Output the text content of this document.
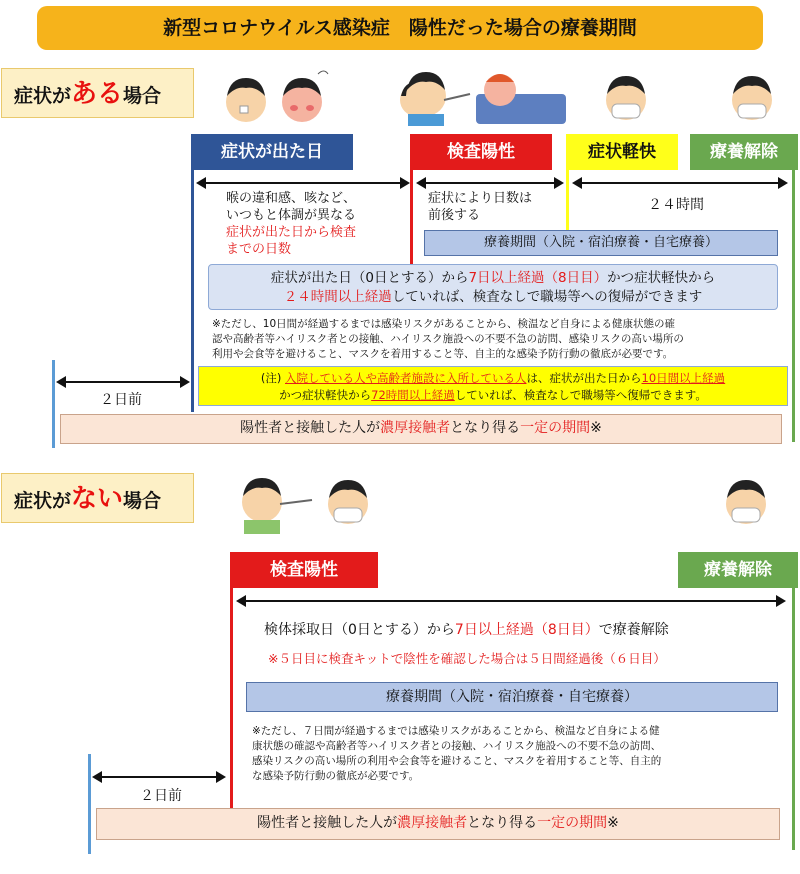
新型コロナウイルス感染症　陽性だった場合の療養期間
症状がある場合
症状が出た日	検査陽性	症状軽快	療養解除
喉の違和感、咳など、
いつもと体調が異なる
症状が出た日から検査
までの日数
症状により日数は
前後する
２４時間
療養期間（入院・宿泊療養・自宅療養）
症状が出た日（0日とする）から7日以上経過（8日目）かつ症状軽快から
２４時間以上経過していれば、検査なしで職場等への復帰ができます
※ただし、10日間が経過するまでは感染リスクがあることから、検温など自身による健康状態の確
認や高齢者等ハイリスク者との接触、ハイリスク施設への不要不急の訪問、感染リスクの高い場所の
利用や会食等を避けること、マスクを着用すること等、自主的な感染予防行動の徹底が必要です。
(注) 入院している人や高齢者施設に入所している人は、症状が出た日から10日間以上経過
かつ症状軽快から72時間以上経過していれば、検査なしで職場等へ復帰できます。
２日前
陽性者と接触した人が濃厚接触者となり得る一定の期間※
症状がない場合
検査陽性	療養解除
検体採取日（0日とする）から7日以上経過（8日目）で療養解除
※５日目に検査キットで陰性を確認した場合は５日間経過後（６日目）
療養期間（入院・宿泊療養・自宅療養）
※ただし、７日間が経過するまでは感染リスクがあることから、検温など自身による健
康状態の確認や高齢者等ハイリスク者との接触、ハイリスク施設への不要不急の訪問、
感染リスクの高い場所の利用や会食等を避けること、マスクを着用すること等、自主的
な感染予防行動の徹底が必要です。
２日前
陽性者と接触した人が濃厚接触者となり得る一定の期間※
